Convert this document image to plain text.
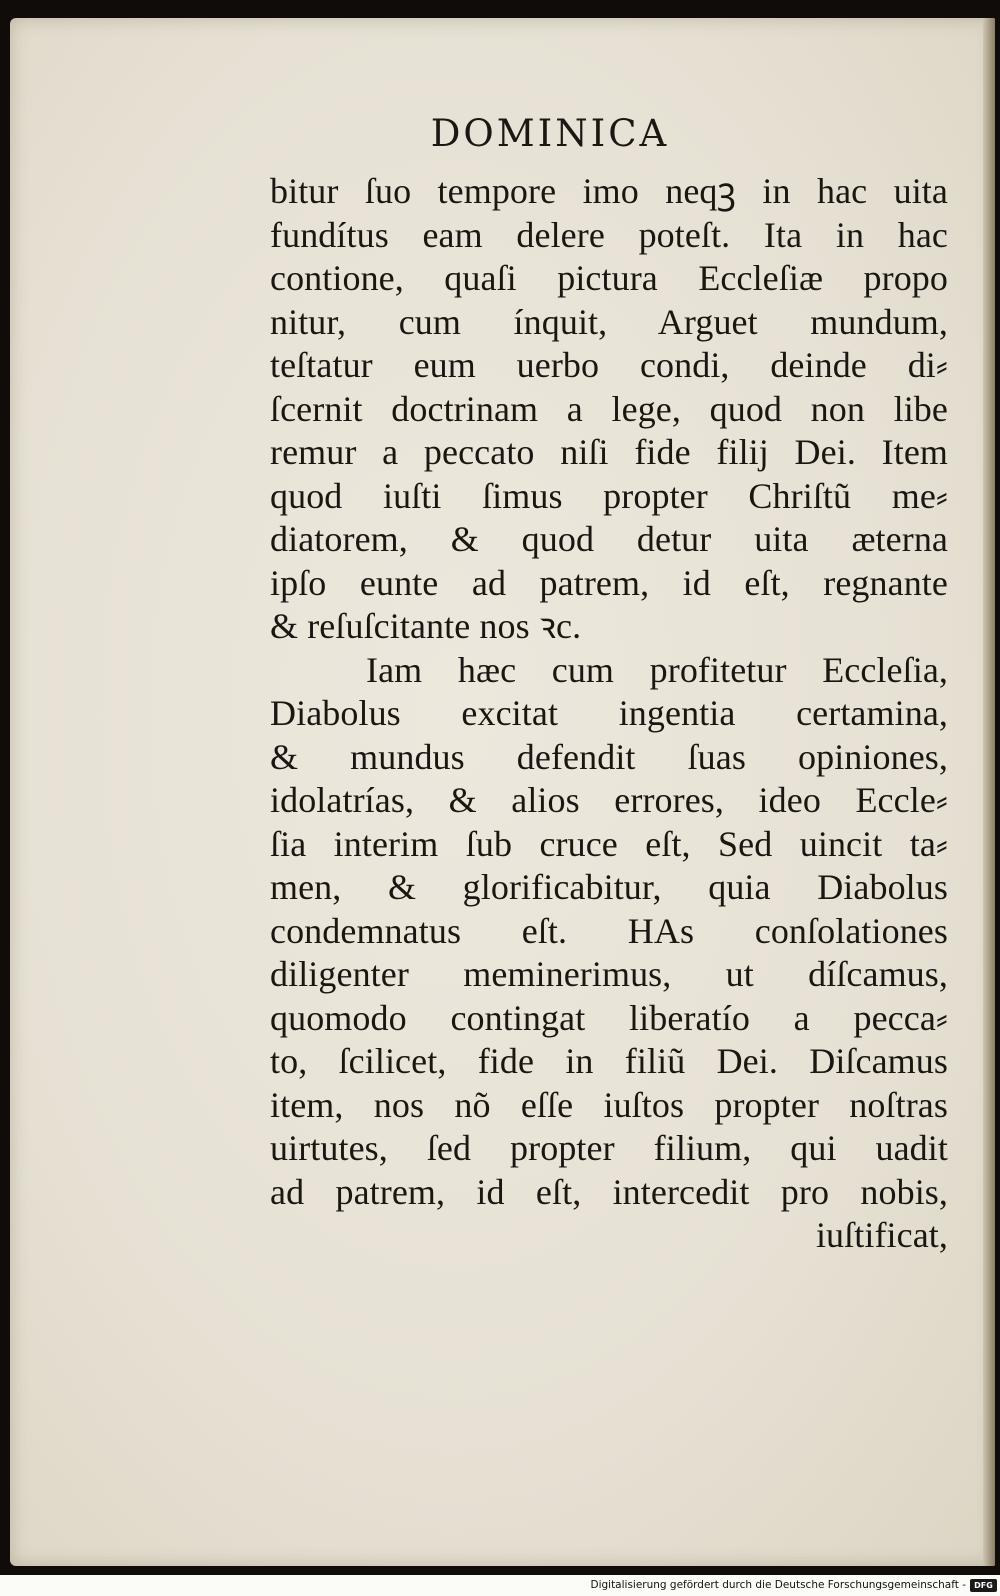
DOMINICA
bitur ſuo tempore imo neqꝫ in hac uita
fundítus eam delere poteſt. Ita in hac
contione, quaſi pictura Eccleſiæ propo
nitur, cum ínquit, Arguet mundum,
teſtatur eum uerbo condi, deinde di⸗
ſcernit doctrinam a lege, quod non libe
remur a peccato niſi fide filij Dei. Item
quod iuſti ſimus propter Chriſtũ me⸗
diatorem, & quod detur uita æterna
ipſo eunte ad patrem, id eſt, regnante
& reſuſcitante nos ꝛc.
Iam hæc cum profitetur Eccleſia,
Diabolus excitat ingentia certamina,
& mundus defendit ſuas opiniones,
idolatrías, & alios errores, ideo Eccle⸗
ſia interim ſub cruce eſt, Sed uincit ta⸗
men, & glorificabitur, quia Diabolus
condemnatus eſt. HAs conſolationes
diligenter meminerimus, ut díſcamus,
quomodo contingat liberatío a pecca⸗
to, ſcilicet, fide in filiũ Dei. Diſcamus
item, nos nõ eſſe iuſtos propter noſtras
uirtutes, ſed propter filium, qui uadit
ad patrem, id eſt, intercedit pro nobis,
iuſtificat,
Digitalisierung gefördert durch die Deutsche Forschungsgemeinschaft -	DFG
